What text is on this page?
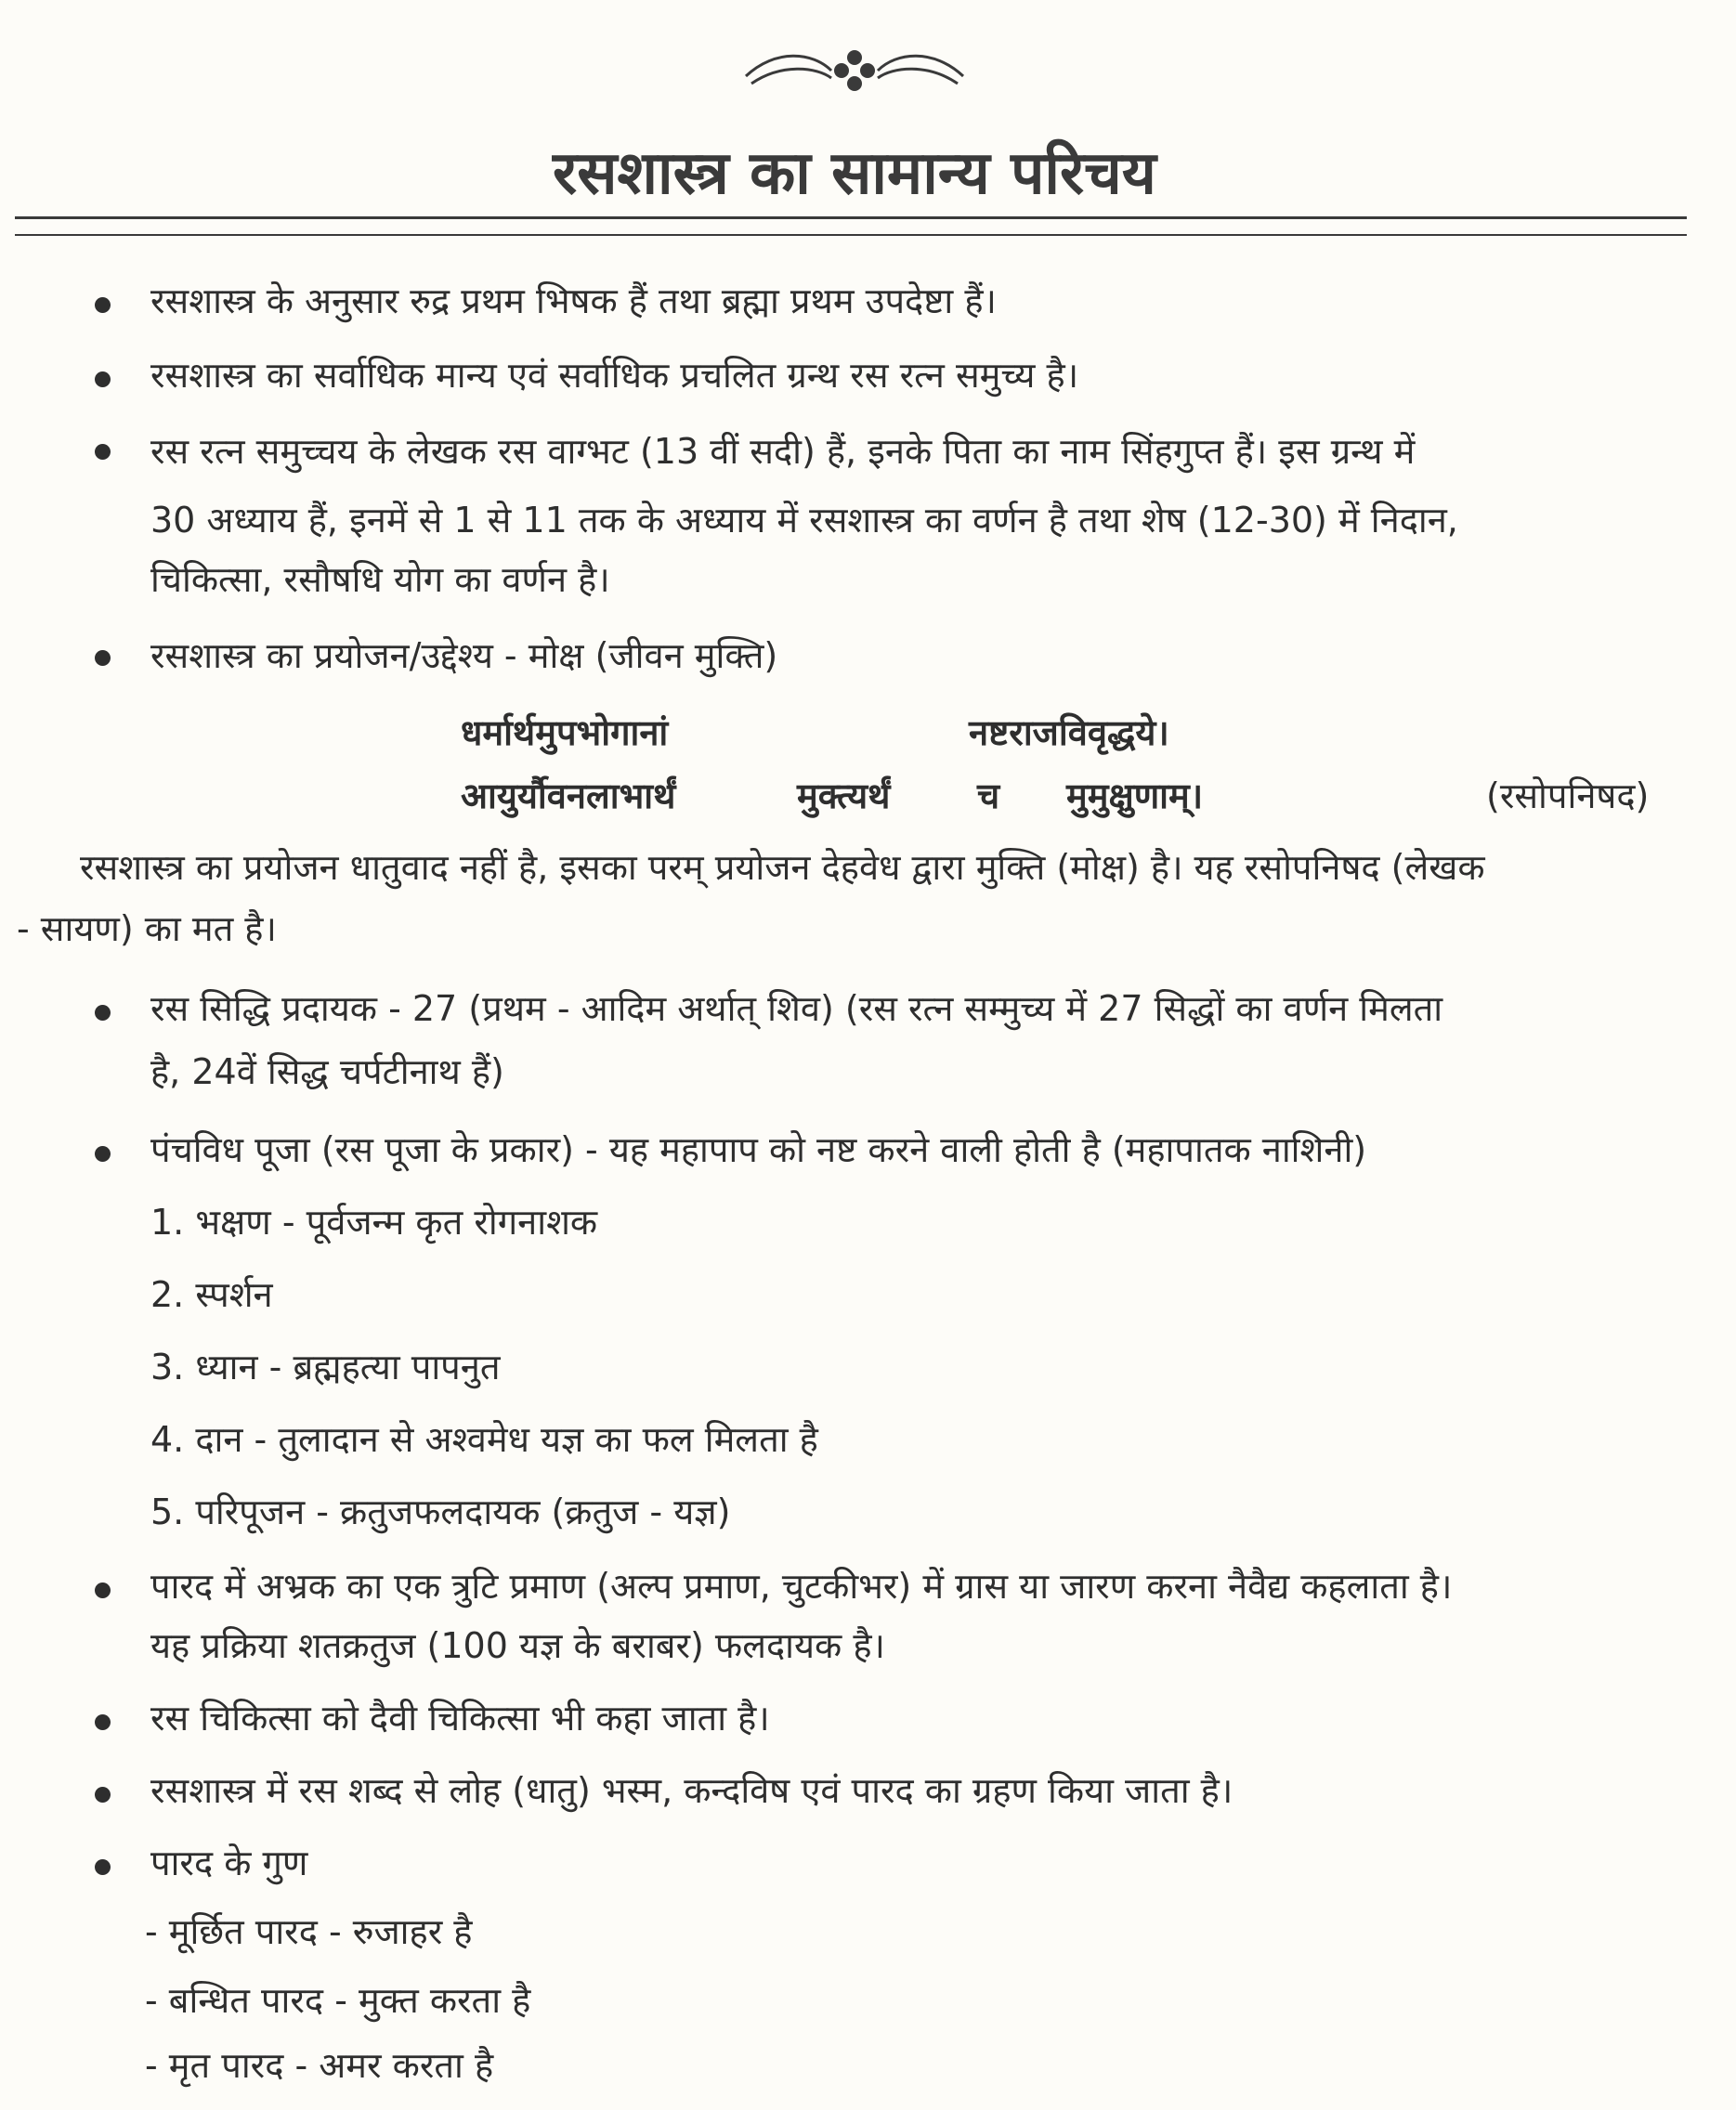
रसशास्त्र का सामान्य परिचय
रसशास्त्र के अनुसार रुद्र प्रथम भिषक हैं तथा ब्रह्मा प्रथम उपदेष्टा हैं।
रसशास्त्र का सर्वाधिक मान्य एवं सर्वाधिक प्रचलित ग्रन्थ रस रत्न समुच्य है।
रस रत्न समुच्चय के लेखक रस वाग्भट (13 वीं सदी) हैं, इनके पिता का नाम सिंहगुप्त हैं। इस ग्रन्थ में
30 अध्याय हैं, इनमें से 1 से 11 तक के अध्याय में रसशास्त्र का वर्णन है तथा शेष (12-30) में निदान,
चिकित्सा, रसौषधि योग का वर्णन है।
रसशास्त्र का प्रयोजन/उद्देश्य - मोक्ष (जीवन मुक्ति)
धर्मार्थमुपभोगानां	नष्टराजविवृद्धये।
आयुर्यौवनलाभार्थं	मुक्त्यर्थं च मुमुक्षुणाम्।	(रसोपनिषद)
रसशास्त्र का प्रयोजन धातुवाद नहीं है, इसका परम् प्रयोजन देहवेध द्वारा मुक्ति (मोक्ष) है। यह रसोपनिषद (लेखक
- सायण) का मत है।
रस सिद्धि प्रदायक - 27 (प्रथम - आदिम अर्थात् शिव) (रस रत्न सम्मुच्य में 27 सिद्धों का वर्णन मिलता
है, 24वें सिद्ध चर्पटीनाथ हैं)
पंचविध पूजा (रस पूजा के प्रकार) - यह महापाप को नष्ट करने वाली होती है (महापातक नाशिनी)
1. भक्षण - पूर्वजन्म कृत रोगनाशक
2. स्पर्शन
3. ध्यान - ब्रह्महत्या पापनुत
4. दान - तुलादान से अश्वमेध यज्ञ का फल मिलता है
5. परिपूजन - क्रतुजफलदायक (क्रतुज - यज्ञ)
पारद में अभ्रक का एक त्रुटि प्रमाण (अल्प प्रमाण, चुटकीभर) में ग्रास या जारण करना नैवैद्य कहलाता है।
यह प्रक्रिया शतक्रतुज (100 यज्ञ के बराबर) फलदायक है।
रस चिकित्सा को दैवी चिकित्सा भी कहा जाता है।
रसशास्त्र में रस शब्द से लोह (धातु) भस्म, कन्दविष एवं पारद का ग्रहण किया जाता है।
पारद के गुण
- मूर्छित पारद - रुजाहर है
- बन्धित पारद - मुक्त करता है
- मृत पारद - अमर करता है
